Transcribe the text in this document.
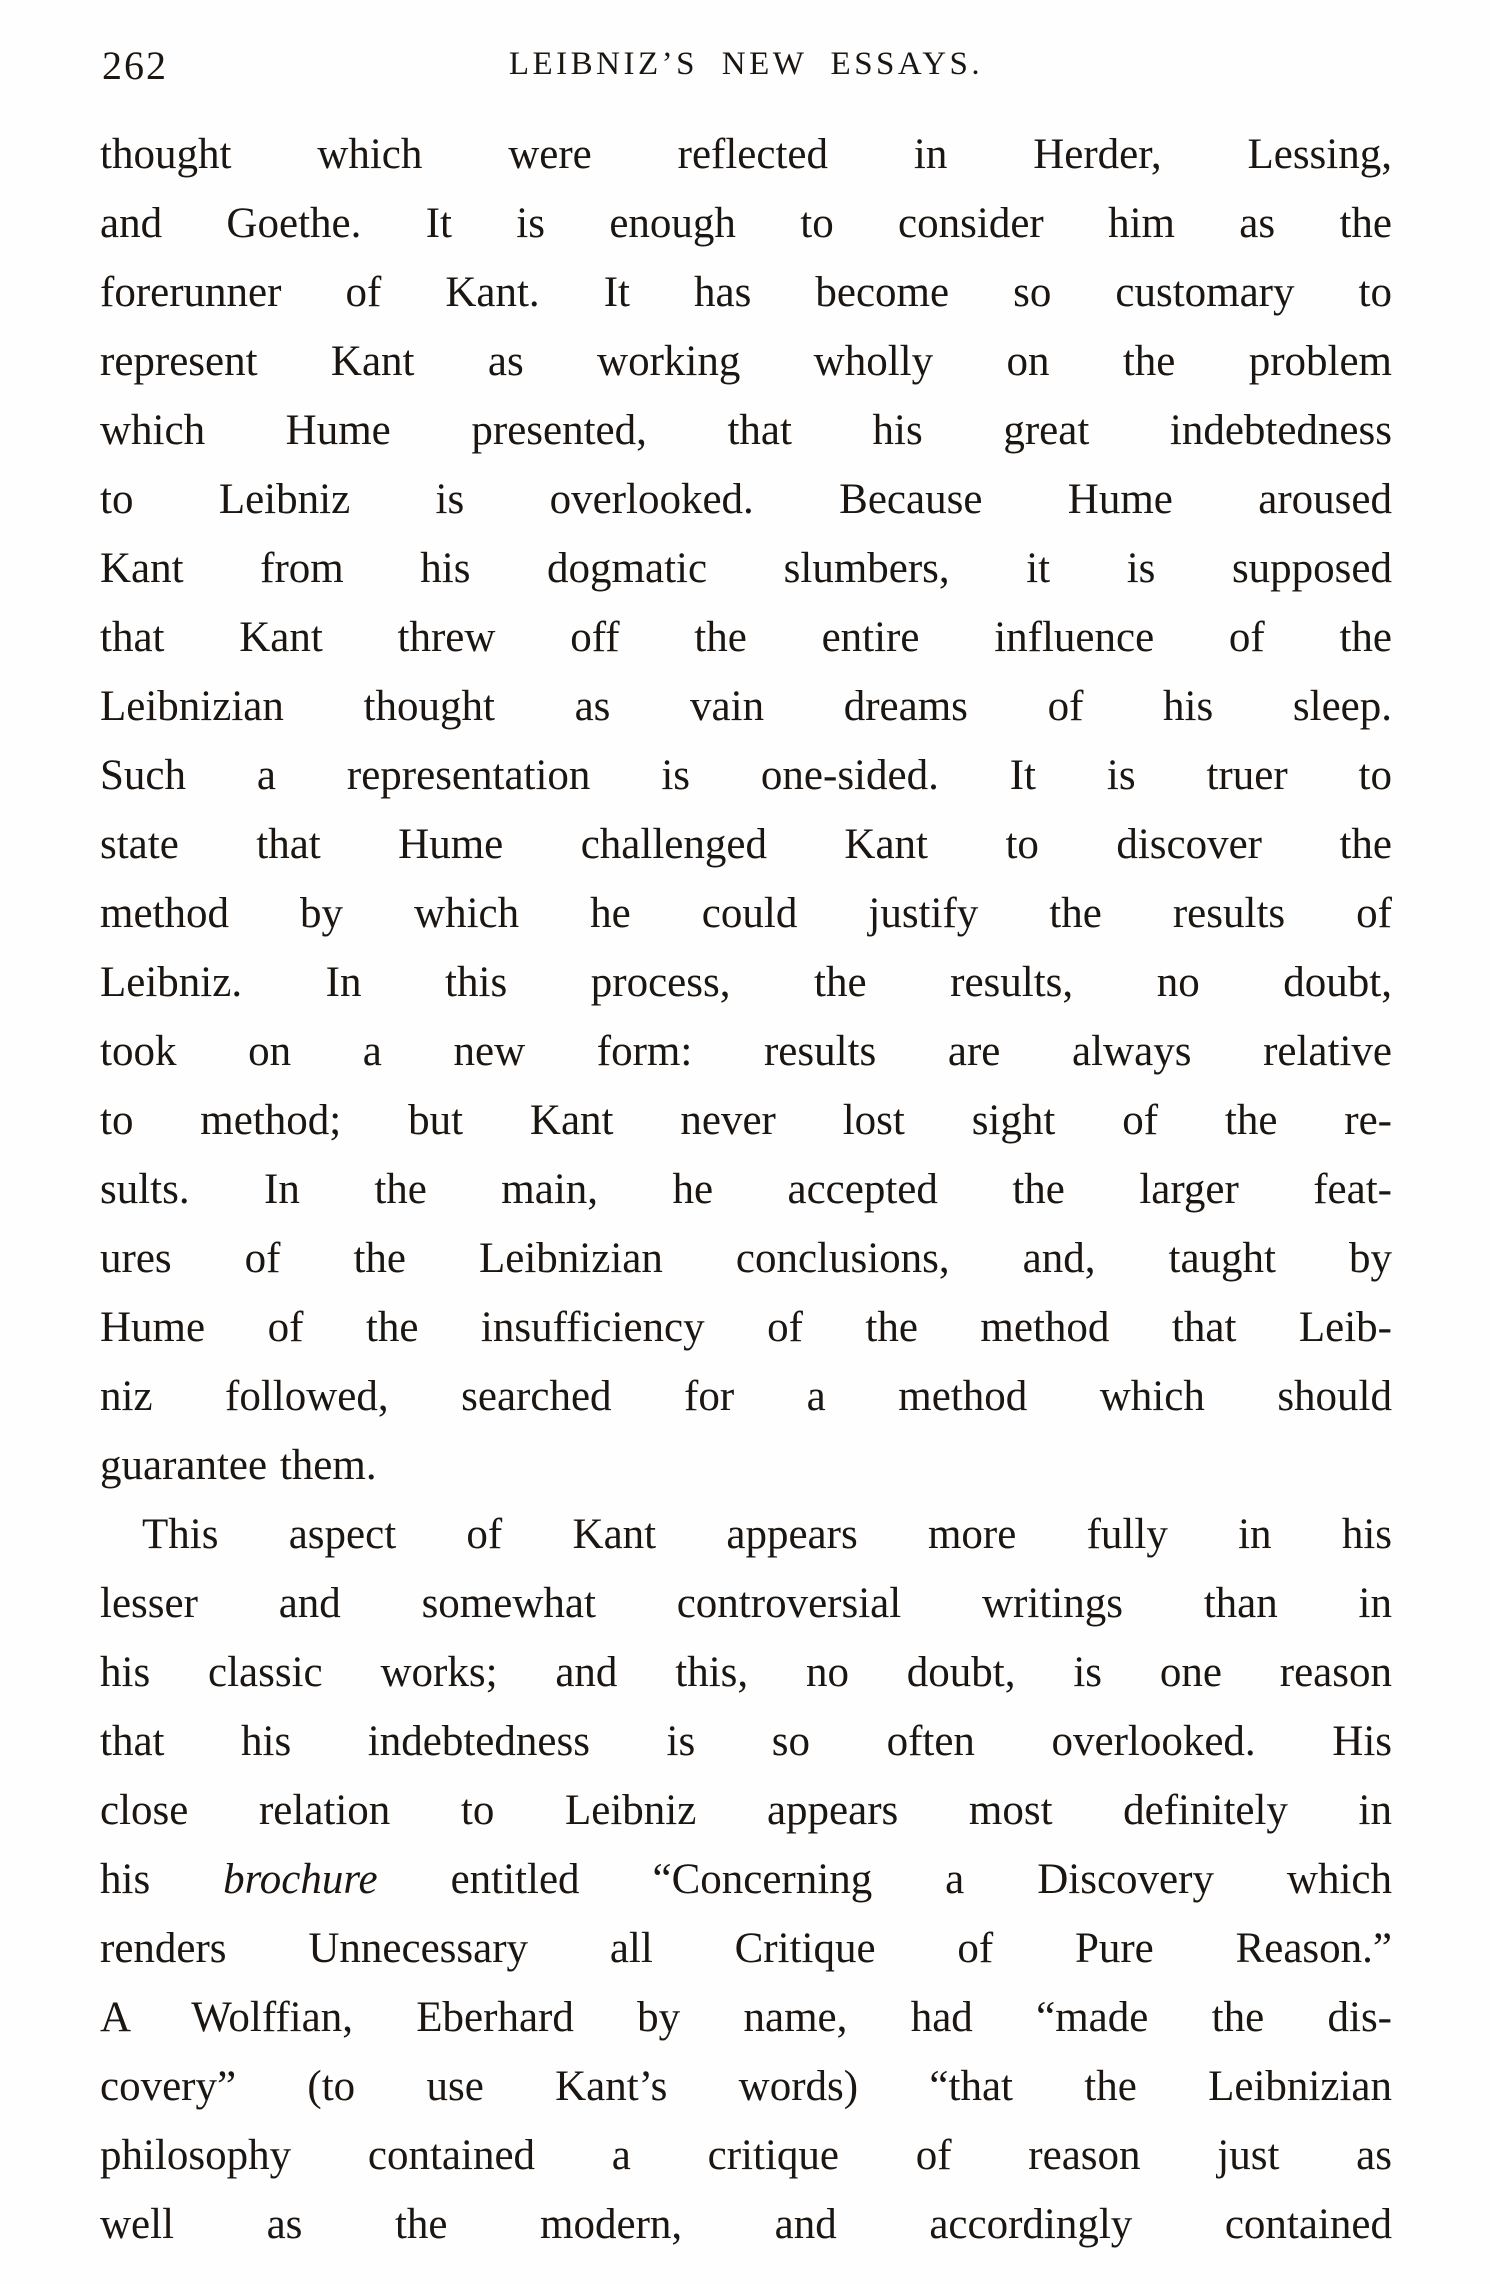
262	LEIBNIZ’S NEW ESSAYS.
thought which were reflected in Herder, Lessing,
and Goethe. It is enough to consider him as the
forerunner of Kant. It has become so customary to
represent Kant as working wholly on the problem
which Hume presented, that his great indebtedness
to Leibniz is overlooked. Because Hume aroused
Kant from his dogmatic slumbers, it is supposed
that Kant threw off the entire influence of the
Leibnizian thought as vain dreams of his sleep.
Such a representation is one-sided. It is truer to
state that Hume challenged Kant to discover the
method by which he could justify the results of
Leibniz. In this process, the results, no doubt,
took on a new form: results are always relative
to method; but Kant never lost sight of the re-
sults. In the main, he accepted the larger feat-
ures of the Leibnizian conclusions, and, taught by
Hume of the insufficiency of the method that Leib-
niz followed, searched for a method which should
guarantee them.
This aspect of Kant appears more fully in his
lesser and somewhat controversial writings than in
his classic works; and this, no doubt, is one reason
that his indebtedness is so often overlooked. His
close relation to Leibniz appears most definitely in
his brochure entitled “Concerning a Discovery which
renders Unnecessary all Critique of Pure Reason.”
A Wolffian, Eberhard by name, had “made the dis-
covery” (to use Kant’s words) “that the Leibnizian
philosophy contained a critique of reason just as
well as the modern, and accordingly contained
